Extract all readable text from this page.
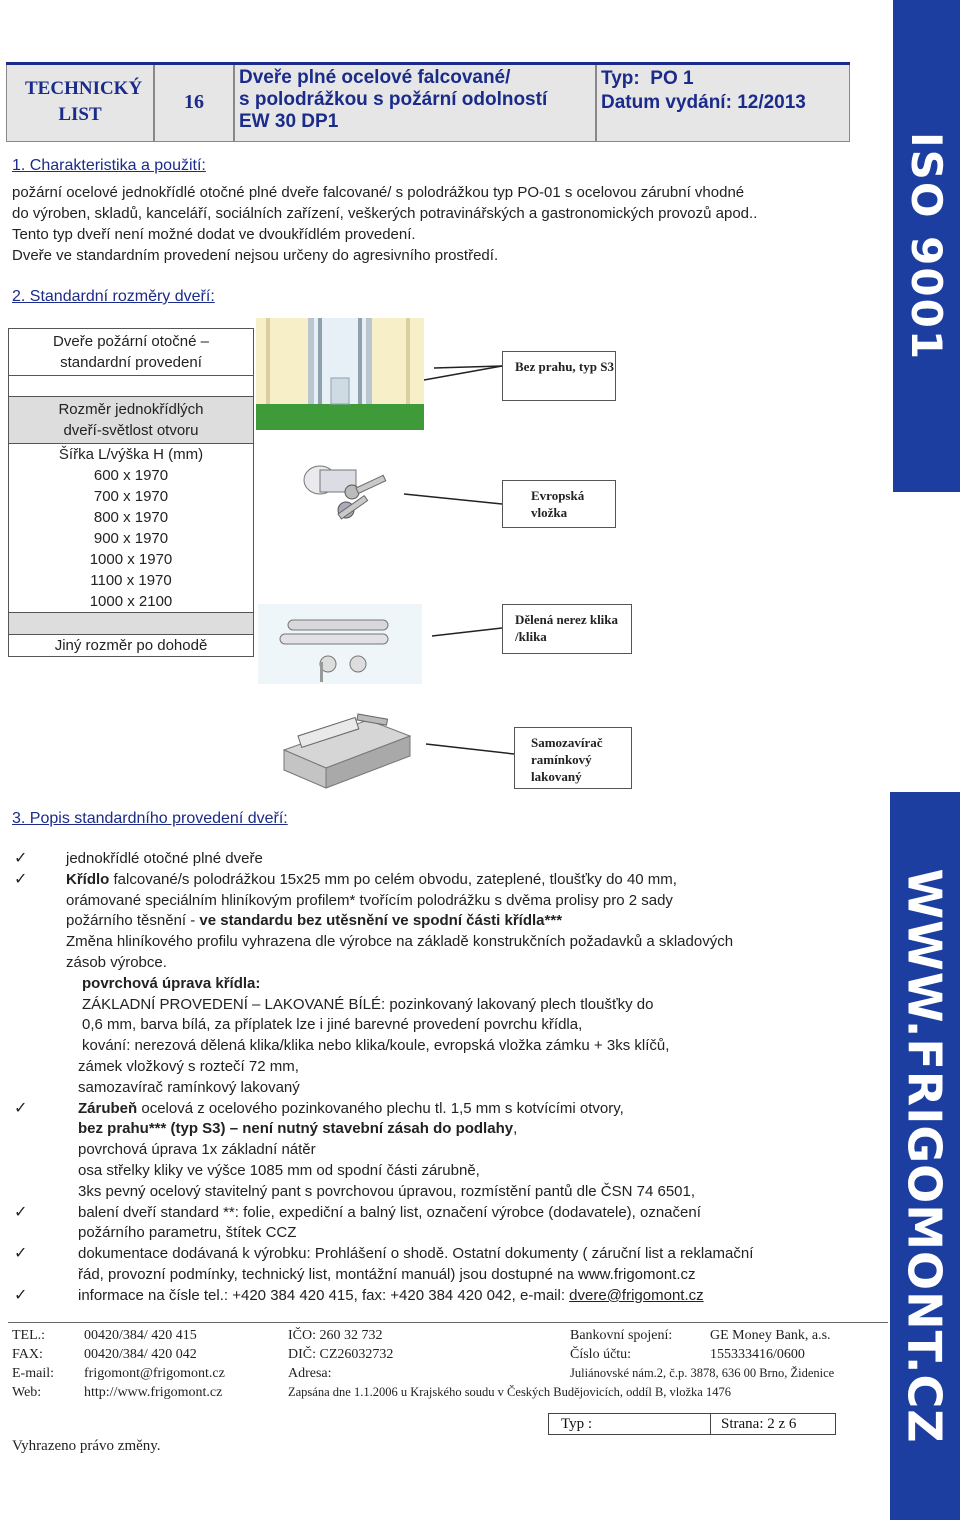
TECHNICKÝ LIST
16
Dveře plné ocelové falcované/
s polodrážkou s požární odolností
EW 30 DP1
Typ: PO 1
Datum vydání: 12/2013
ISO 9001
WWW.FRIGOMONT.CZ
1. Charakteristika a použití:
požární ocelové jednokřídlé otočné plné dveře falcované/ s polodrážkou typ PO-01 s ocelovou zárubní vhodné
do výroben, skladů, kanceláří, sociálních zařízení, veškerých potravinářských a gastronomických provozů apod..
Tento typ dveří není možné dodat ve dvoukřídlém provedení.
Dveře ve standardním provedení nejsou určeny do agresivního prostředí.
2. Standardní rozměry dveří:
Dveře požární otočné –
standardní provedení
Rozměr jednokřídlých
dveří-světlost otvoru
Šířka L/výška H (mm)
600 x 1970
700 x 1970
800 x 1970
900 x 1970
1000 x 1970
1100 x 1970
1000 x 2100
Jiný rozměr po dohodě
Bez prahu, typ S3
Evropská vložka
Dělená nerez klika /klika
Samozavírač ramínkový lakovaný
3. Popis standardního provedení dveří:
✓	jednokřídlé otočné plné dveře
✓	Křídlo falcované/s polodrážkou 15x25 mm po celém obvodu, zateplené, tloušťky do 40 mm,
orámované speciálním hliníkovým profilem* tvořícím polodrážku s dvěma prolisy pro 2 sady
požárního těsnění - ve standardu bez utěsnění ve spodní části křídla***
Změna hliníkového profilu vyhrazena dle výrobce na základě konstrukčních požadavků a skladových
zásob výrobce.
povrchová úprava křídla:
ZÁKLADNÍ PROVEDENÍ – LAKOVANÉ BÍLÉ: pozinkovaný lakovaný plech tloušťky do
0,6 mm, barva bílá, za příplatek lze i jiné barevné provedení povrchu křídla,
kování: nerezová dělená klika/klika nebo klika/koule, evropská vložka zámku + 3ks klíčů,
zámek vložkový s roztečí 72 mm,
samozavírač ramínkový lakovaný
✓	Zárubeň ocelová z ocelového pozinkovaného plechu tl. 1,5 mm s kotvícími otvory,
bez prahu*** (typ S3) – není nutný stavební zásah do podlahy,
povrchová úprava 1x základní nátěr
osa střelky kliky ve výšce 1085 mm od spodní části zárubně,
3ks pevný ocelový stavitelný pant s povrchovou úpravou, rozmístění pantů dle ČSN 74 6501,
✓	balení dveří standard **: folie, expediční a balný list, označení výrobce (dodavatele), označení
požárního parametru, štítek CCZ
✓	dokumentace dodávaná k výrobku: Prohlášení o shodě. Ostatní dokumenty ( záruční list a reklamační
řád, provozní podmínky, technický list, montážní manuál) jsou dostupné na www.frigomont.cz
✓	informace na čísle tel.: +420 384 420 415, fax: +420 384 420 042, e-mail: dvere@frigomont.cz
TEL.:	00420/384/ 420 415
FAX:	00420/384/ 420 042
E-mail:	frigomont@frigomont.cz
Web:	http://www.frigomont.cz
IČO: 260 32 732
DIČ: CZ26032732
Adresa:
Zapsána dne 1.1.2006 u Krajského soudu v Českých Budějovicích, oddíl B, vložka 1476
Bankovní spojení:	GE Money Bank, a.s.
Číslo účtu:	155333416/0600
Juliánovské nám.2, č.p. 3878, 636 00 Brno, Židenice
Typ :	Strana: 2 z 6
Vyhrazeno právo změny.
